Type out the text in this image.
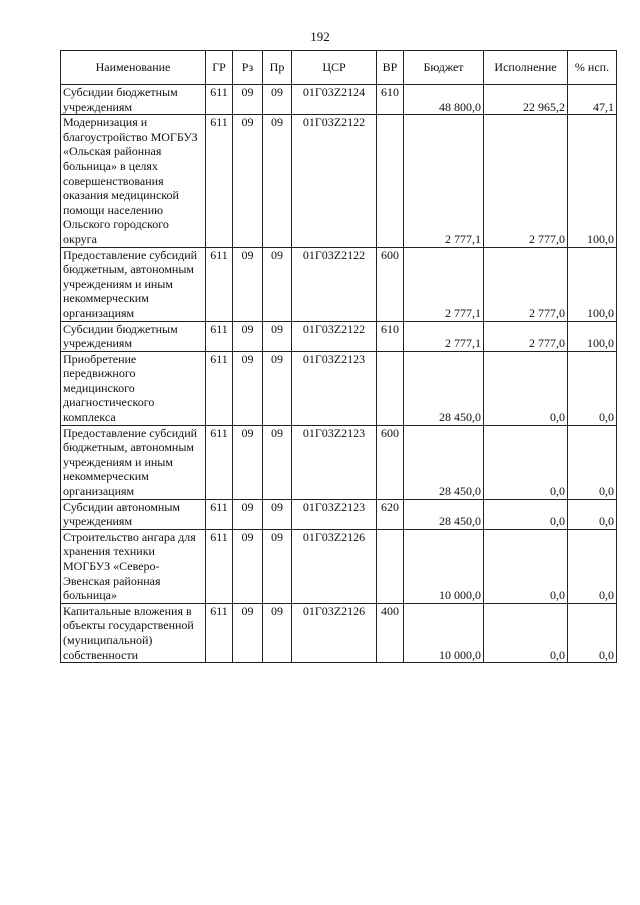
192
Наименование	ГР	Рз	Пр	ЦСР	ВР	Бюджет	Исполнение	% исп.
Субсидии бюджетным учреждениям	611	09	09	01Г03Z2124	610	48 800,0	22 965,2	47,1
Модернизация и благоустройство МОГБУЗ «Ольская районная больница» в целях совершенствования оказания медицинской помощи населению Ольского городского округа	611	09	09	01Г03Z2122		2 777,1	2 777,0	100,0
Предоставление субсидий бюджетным, автономным учреждениям и иным некоммерческим организациям	611	09	09	01Г03Z2122	600	2 777,1	2 777,0	100,0
Субсидии бюджетным учреждениям	611	09	09	01Г03Z2122	610	2 777,1	2 777,0	100,0
Приобретение передвижного медицинского диагностического комплекса	611	09	09	01Г03Z2123		28 450,0	0,0	0,0
Предоставление субсидий бюджетным, автономным учреждениям и иным некоммерческим организациям	611	09	09	01Г03Z2123	600	28 450,0	0,0	0,0
Субсидии автономным учреждениям	611	09	09	01Г03Z2123	620	28 450,0	0,0	0,0
Строительство ангара для хранения техники МОГБУЗ «Северо-Эвенская районная больница»	611	09	09	01Г03Z2126		10 000,0	0,0	0,0
Капитальные вложения в объекты государственной (муниципальной) собственности	611	09	09	01Г03Z2126	400	10 000,0	0,0	0,0
